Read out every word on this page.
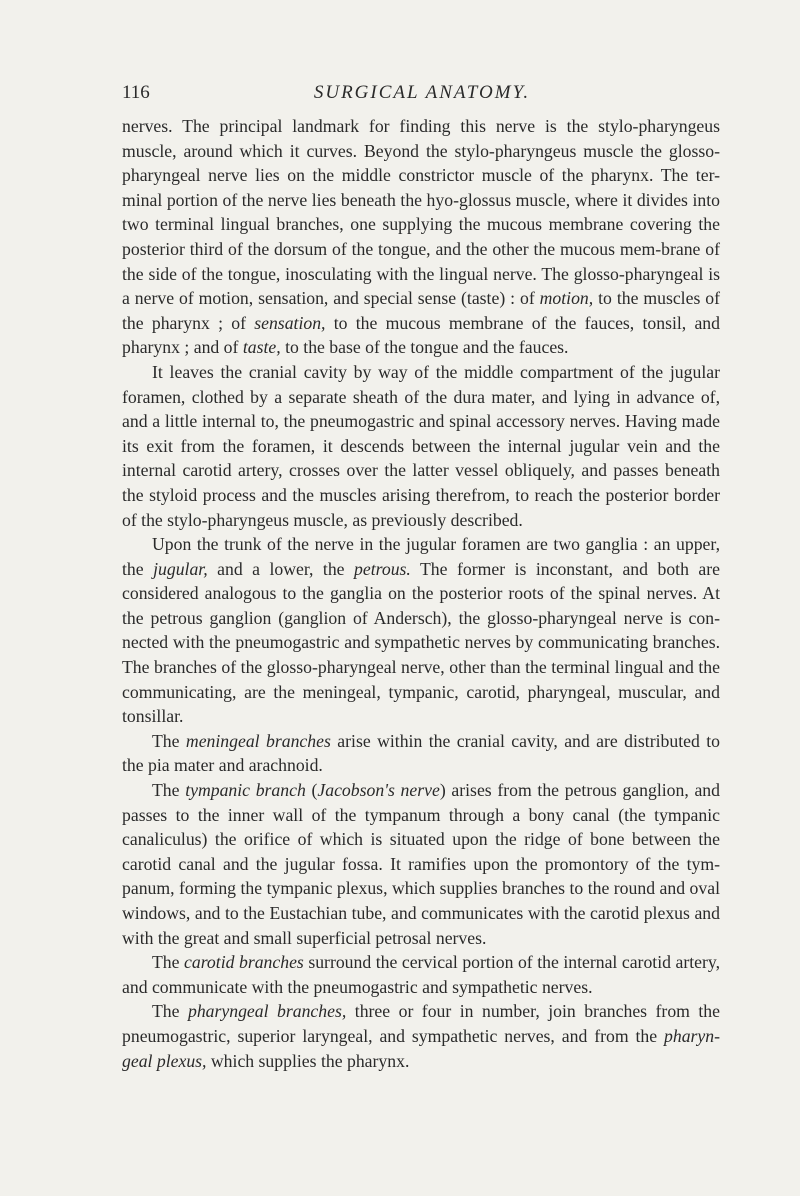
116	SURGICAL ANATOMY.

nerves. The principal landmark for finding this nerve is the stylo-pharyngeus muscle, around which it curves. Beyond the stylo-pharyngeus muscle the glosso-pharyngeal nerve lies on the middle constrictor muscle of the pharynx. The ter-minal portion of the nerve lies beneath the hyo-glossus muscle, where it divides into two terminal lingual branches, one supplying the mucous membrane covering the posterior third of the dorsum of the tongue, and the other the mucous mem-brane of the side of the tongue, inosculating with the lingual nerve. The glosso-pharyngeal is a nerve of motion, sensation, and special sense (taste) : of motion, to the muscles of the pharynx ; of sensation, to the mucous membrane of the fauces, tonsil, and pharynx ; and of taste, to the base of the tongue and the fauces.

It leaves the cranial cavity by way of the middle compartment of the jugular foramen, clothed by a separate sheath of the dura mater, and lying in advance of, and a little internal to, the pneumogastric and spinal accessory nerves. Having made its exit from the foramen, it descends between the internal jugular vein and the internal carotid artery, crosses over the latter vessel obliquely, and passes beneath the styloid process and the muscles arising therefrom, to reach the posterior border of the stylo-pharyngeus muscle, as previously described.

Upon the trunk of the nerve in the jugular foramen are two ganglia : an upper, the jugular, and a lower, the petrous. The former is inconstant, and both are considered analogous to the ganglia on the posterior roots of the spinal nerves. At the petrous ganglion (ganglion of Andersch), the glosso-pharyngeal nerve is con-nected with the pneumogastric and sympathetic nerves by communicating branches. The branches of the glosso-pharyngeal nerve, other than the terminal lingual and the communicating, are the meningeal, tympanic, carotid, pharyngeal, muscular, and tonsillar.

The meningeal branches arise within the cranial cavity, and are distributed to the pia mater and arachnoid.

The tympanic branch (Jacobson's nerve) arises from the petrous ganglion, and passes to the inner wall of the tympanum through a bony canal (the tympanic canaliculus) the orifice of which is situated upon the ridge of bone between the carotid canal and the jugular fossa. It ramifies upon the promontory of the tym-panum, forming the tympanic plexus, which supplies branches to the round and oval windows, and to the Eustachian tube, and communicates with the carotid plexus and with the great and small superficial petrosal nerves.

The carotid branches surround the cervical portion of the internal carotid artery, and communicate with the pneumogastric and sympathetic nerves.

The pharyngeal branches, three or four in number, join branches from the pneumogastric, superior laryngeal, and sympathetic nerves, and from the pharyn-geal plexus, which supplies the pharynx.
